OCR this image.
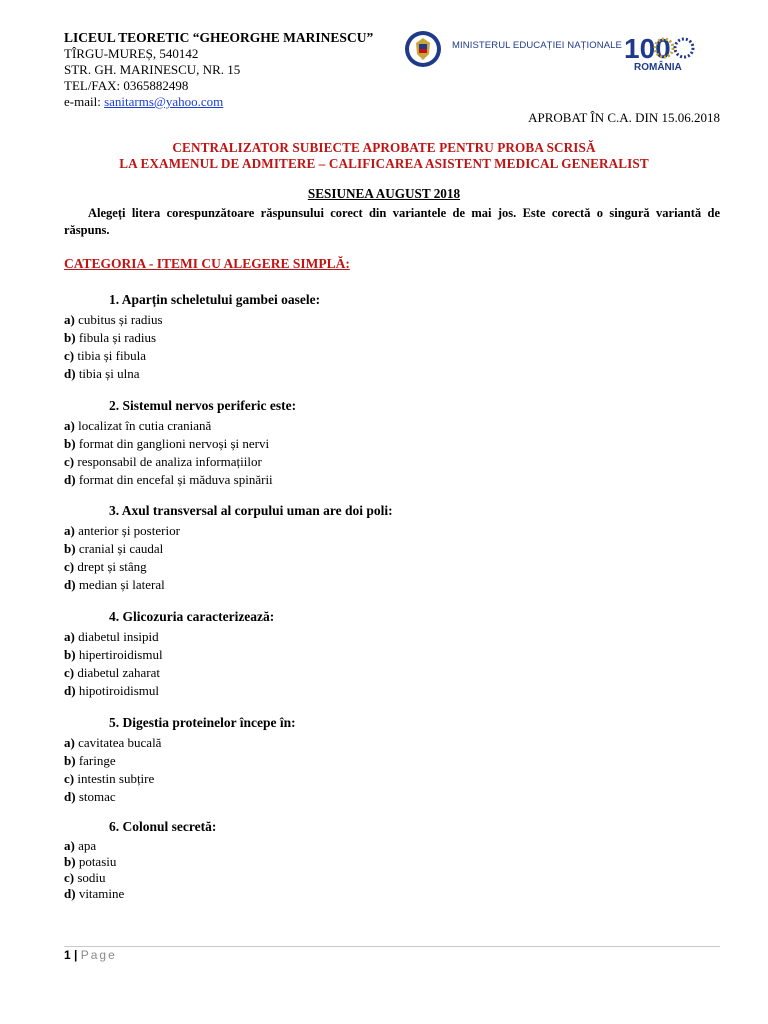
LICEUL TEORETIC “GHEORGHE MARINESCU”
TÎRGU-MUREȘ, 540142
STR. GH. MARINESCU, NR. 15
TEL/FAX: 0365882498
e-mail: sanitarms@yahoo.com
MINISTERUL EDUCAȚIEI NAȚIONALE 100
ROMÂNIA
APROBAT ÎN C.A. DIN 15.06.2018
CENTRALIZATOR SUBIECTE APROBATE PENTRU PROBA SCRISĂ
LA EXAMENUL DE ADMITERE – CALIFICAREA ASISTENT MEDICAL GENERALIST
SESIUNEA AUGUST 2018
Alegeți litera corespunzătoare răspunsului corect din variantele de mai jos. Este corectă o singură variantă de răspuns.
CATEGORIA - ITEMI CU ALEGERE SIMPLĂ:
1. Aparțin scheletului gambei oasele:
a) cubitus și radius
b) fibula și radius
c) tibia și fibula
d) tibia și ulna
2. Sistemul nervos periferic este:
a) localizat în cutia craniană
b) format din ganglioni nervoși și nervi
c) responsabil de analiza informațiilor
d) format din encefal și măduva spinării
3. Axul transversal al corpului uman are doi poli:
a) anterior și posterior
b) cranial și caudal
c) drept și stâng
d) median și lateral
4. Glicozuria caracterizează:
a) diabetul insipid
b) hipertiroidismul
c) diabetul zaharat
d) hipotiroidismul
5. Digestia proteinelor începe în:
a) cavitatea bucală
b) faringe
c) intestin subțire
d) stomac
6. Colonul secretă:
a) apa
b) potasiu
c) sodiu
d) vitamine
1 | Page
